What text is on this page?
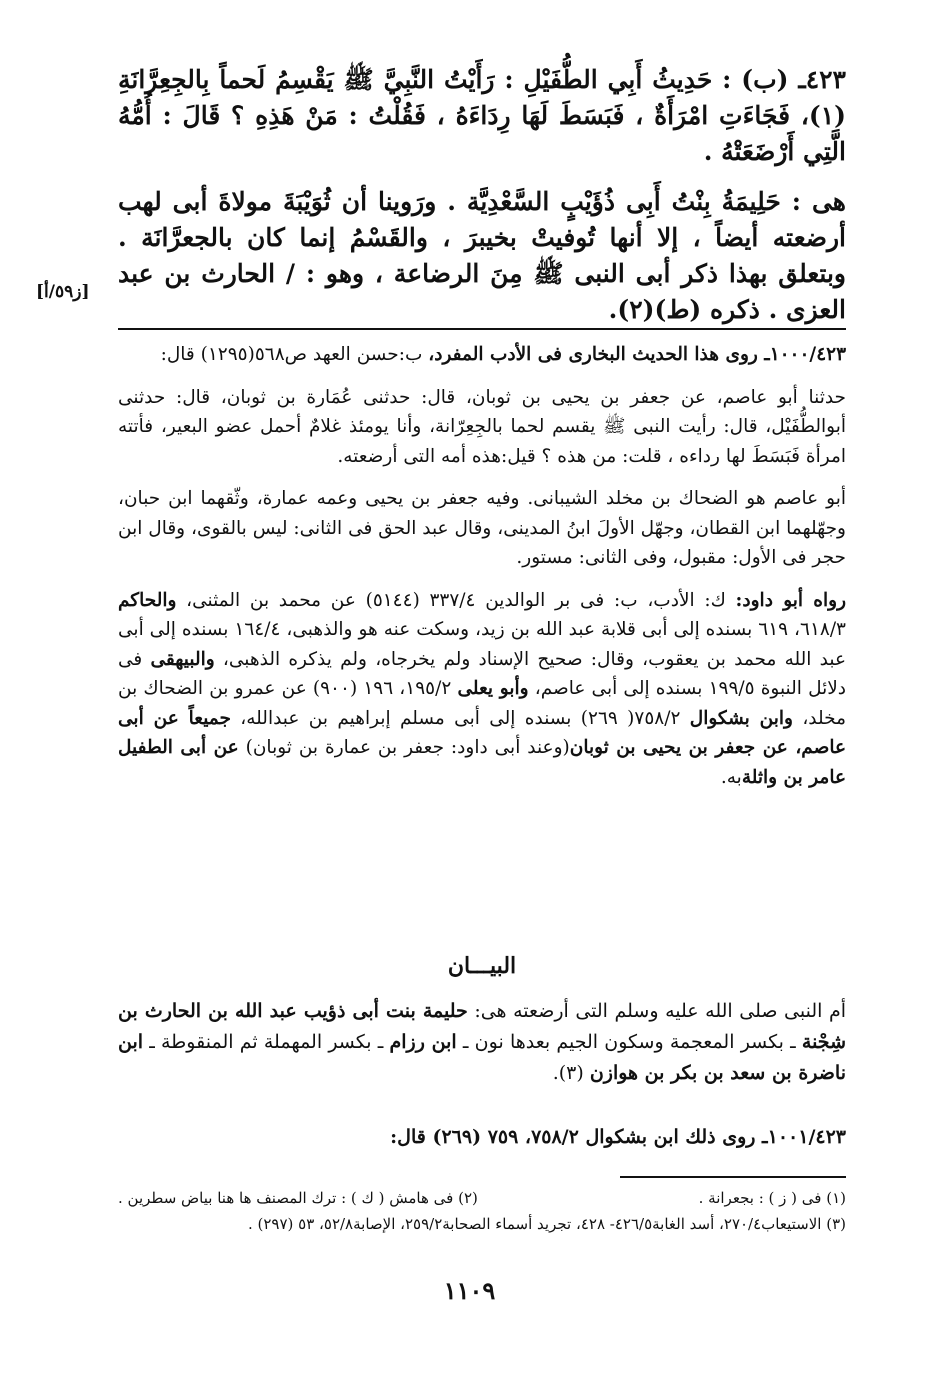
٤٢٣ـ (ب) : حَدِيثُ أَبِي الطُّفَيْلِ : رَأَيْتُ النَّبِيَّ ﷺ يَقْسِمُ لَحماً بِالجِعِرَّانَةِ (١)، فَجَاءَتِ امْرَأَةٌ ، فَبَسَطَ لَهَا رِدَاءَهُ ، فَقُلْتُ : مَنْ هَذِهِ ؟ قَالَ : أُمُّهُ الَّتِي أَرْضَعَتْهُ .

هى : حَلِيمَةُ بِنْتُ أَبِى ذُؤَيْبٍ السَّعْدِيَّة . ورَوينا أن ثُوَيْبَةَ مولاةَ أبى لهب أرضعته أيضاً ، إلا أنها تُوفيتْ بخيبرَ ، والقَسْمُ إنما كان بالجعرَّانَة . وبتعلق بهذا ذكر أبى النبى ﷺ مِنَ الرضاعة ، وهو : / الحارث بن عبد العزى . ذكره (ط)(٢).

[ز٥٩/أ]

١٠٠٠/٤٢٣ـ روى هذا الحديث البخارى فى الأدب المفرد، ب:حسن العهد ص٥٦٨(١٢٩٥) قال:

حدثنا أبو عاصم، عن جعفر بن يحيى بن ثوبان، قال: حدثنى عُمَارة بن ثوبان، قال: حدثنى أبوالطُّفَيْل، قال: رأيت النبى ﷺ يقسم لحما بالجِعِرّانة، وأنا يومئذ غلامٌ أحمل عضو البعير، فأتته امرأة فَبَسَطَ لها رداءه ، قلت: من هذه ؟ قيل:هذه أمه التى أرضعته.

أبو عاصم هو الضحاك بن مخلد الشيبانى. وفيه جعفر بن يحيى وعمه عمارة، وثّقهما ابن حبان، وجهّلهما ابن القطان، وجهّل الأولَ ابنُ المدينى، وقال عبد الحق فى الثانى: ليس بالقوى، وقال ابن حجر فى الأول: مقبول، وفى الثانى: مستور.

رواه أبو داود: ك: الأدب، ب: فى بر الوالدين ٣٣٧/٤ (٥١٤٤) عن محمد بن المثنى، والحاكم ٦١٨/٣، ٦١٩ بسنده إلى أبى قلابة عبد الله بن زيد، وسكت عنه هو والذهبى، ١٦٤/٤ بسنده إلى أبى عبد الله محمد بن يعقوب، وقال: صحيح الإسناد ولم يخرجاه، ولم يذكره الذهبى، والبيهقى فى دلائل النبوة ١٩٩/٥ بسنده إلى أبى عاصم، وأبو يعلى ١٩٥/٢، ١٩٦ (٩٠٠) عن عمرو بن الضحاك بن مخلد، وابن بشكوال ٧٥٨/٢( ٢٦٩) بسنده إلى أبى مسلم إبراهيم بن عبدالله، جميعاً عن أبى عاصم، عن جعفر بن يحيى بن ثوبان(وعند أبى داود: جعفر بن عمارة بن ثوبان) عن أبى الطفيل عامر بن واثلةبه.

البيـــان

أم النبى صلى الله عليه وسلم التى أرضعته هى: حليمة بنت أبى ذؤيب عبد الله بن الحارث بن شِجْنة ـ بكسر المعجمة وسكون الجيم بعدها نون ـ ابن رزام ـ بكسر المهملة ثم المنقوطة ـ ابن ناضرة بن سعد بن بكر بن هوازن (٣).

١٠٠١/٤٢٣ـ روى ذلك ابن بشكوال ٧٥٨/٢، ٧٥٩ (٢٦٩) قال:
(١) فى ( ز ) : بجعرانة .
(٢) فى هامش ( ك ) : ترك المصنف ها هنا بياض سطرين .
(٣) الاستيعاب٢٧٠/٤، أسد الغابة٤٢٦/٥- ٤٢٨، تجريد أسماء الصحابة٢٥٩/٢، الإصابة٥٢/٨، ٥٣ (٢٩٧) .
١١٠٩
